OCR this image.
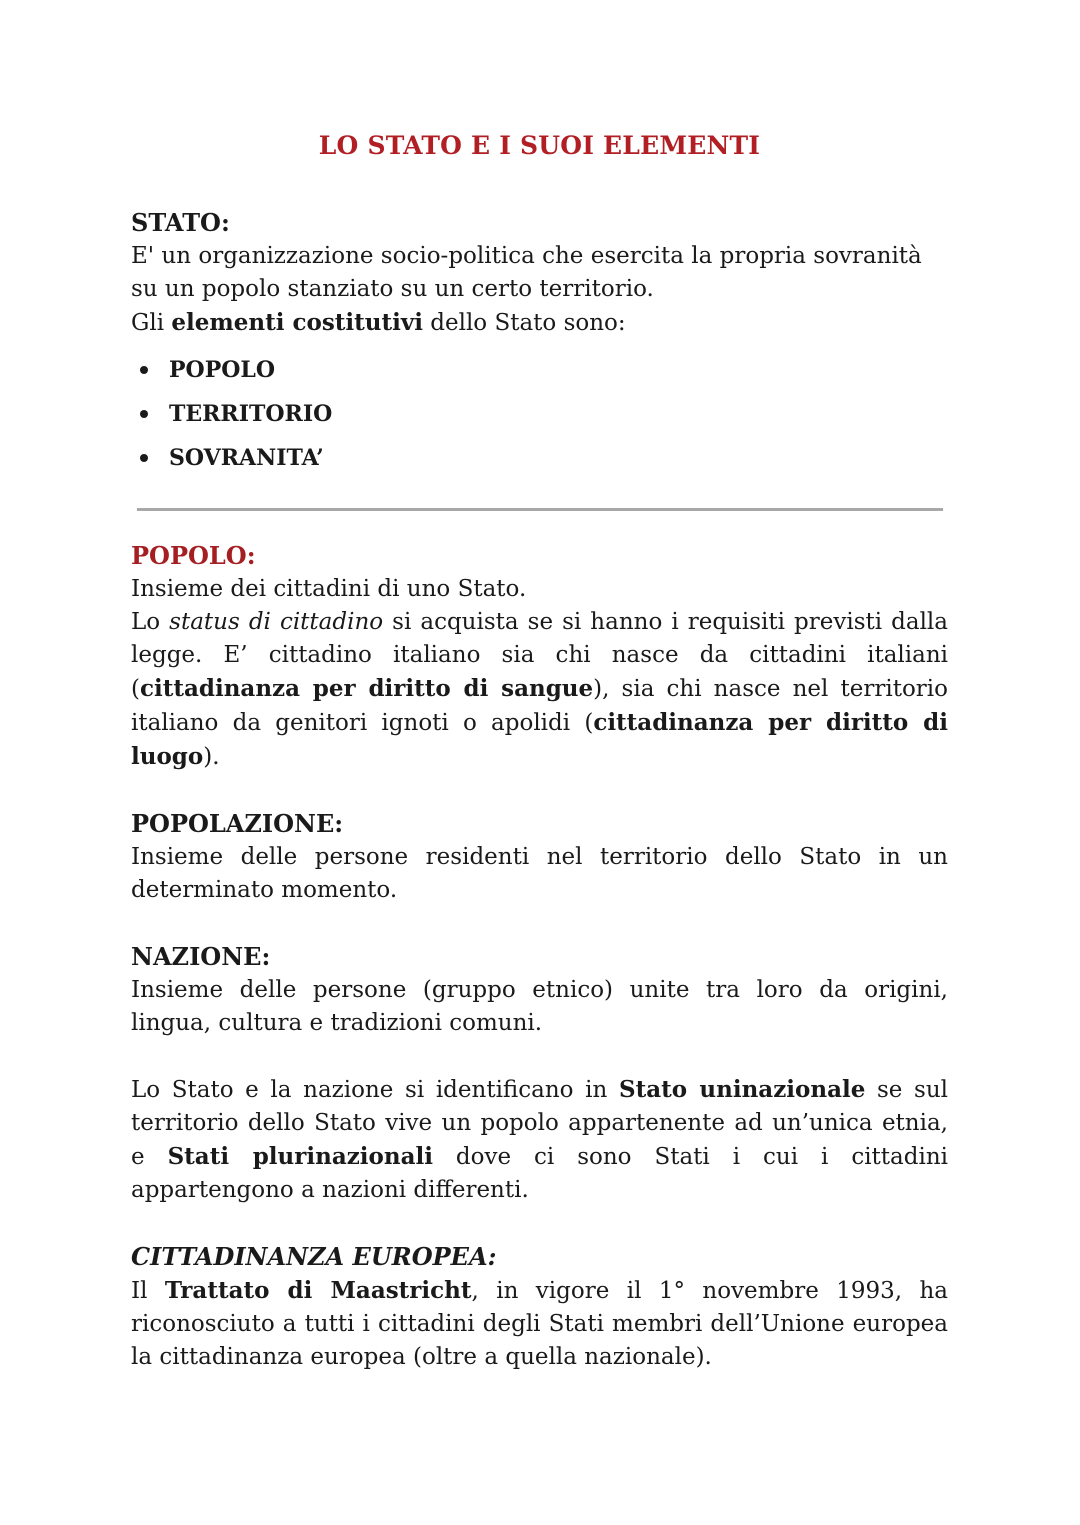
LO STATO E I SUOI ELEMENTI
STATO:

E' un organizzazione socio-politica che esercita la propria sovranità su un popolo stanziato su un certo territorio.

Gli elementi costitutivi dello Stato sono:

POPOLO
TERRITORIO
SOVRANITA’
POPOLO:

Insieme dei cittadini di uno Stato.

Lo status di cittadino si acquista se si hanno i requisiti previsti dalla legge. E’ cittadino italiano sia chi nasce da cittadini italiani (cittadinanza per diritto di sangue), sia chi nasce nel territorio italiano da genitori ignoti o apolidi (cittadinanza per diritto di luogo).

POPOLAZIONE:

Insieme delle persone residenti nel territorio dello Stato in un determinato momento.

NAZIONE:

Insieme delle persone (gruppo etnico) unite tra loro da origini, lingua, cultura e tradizioni comuni.

Lo Stato e la nazione si identificano in Stato uninazionale se sul territorio dello Stato vive un popolo appartenente ad un’unica etnia, e Stati plurinazionali dove ci sono Stati i cui i cittadini appartengono a nazioni differenti.

CITTADINANZA EUROPEA:

Il Trattato di Maastricht, in vigore il 1° novembre 1993, ha riconosciuto a tutti i cittadini degli Stati membri dell’Unione europea la cittadinanza europea (oltre a quella nazionale).
